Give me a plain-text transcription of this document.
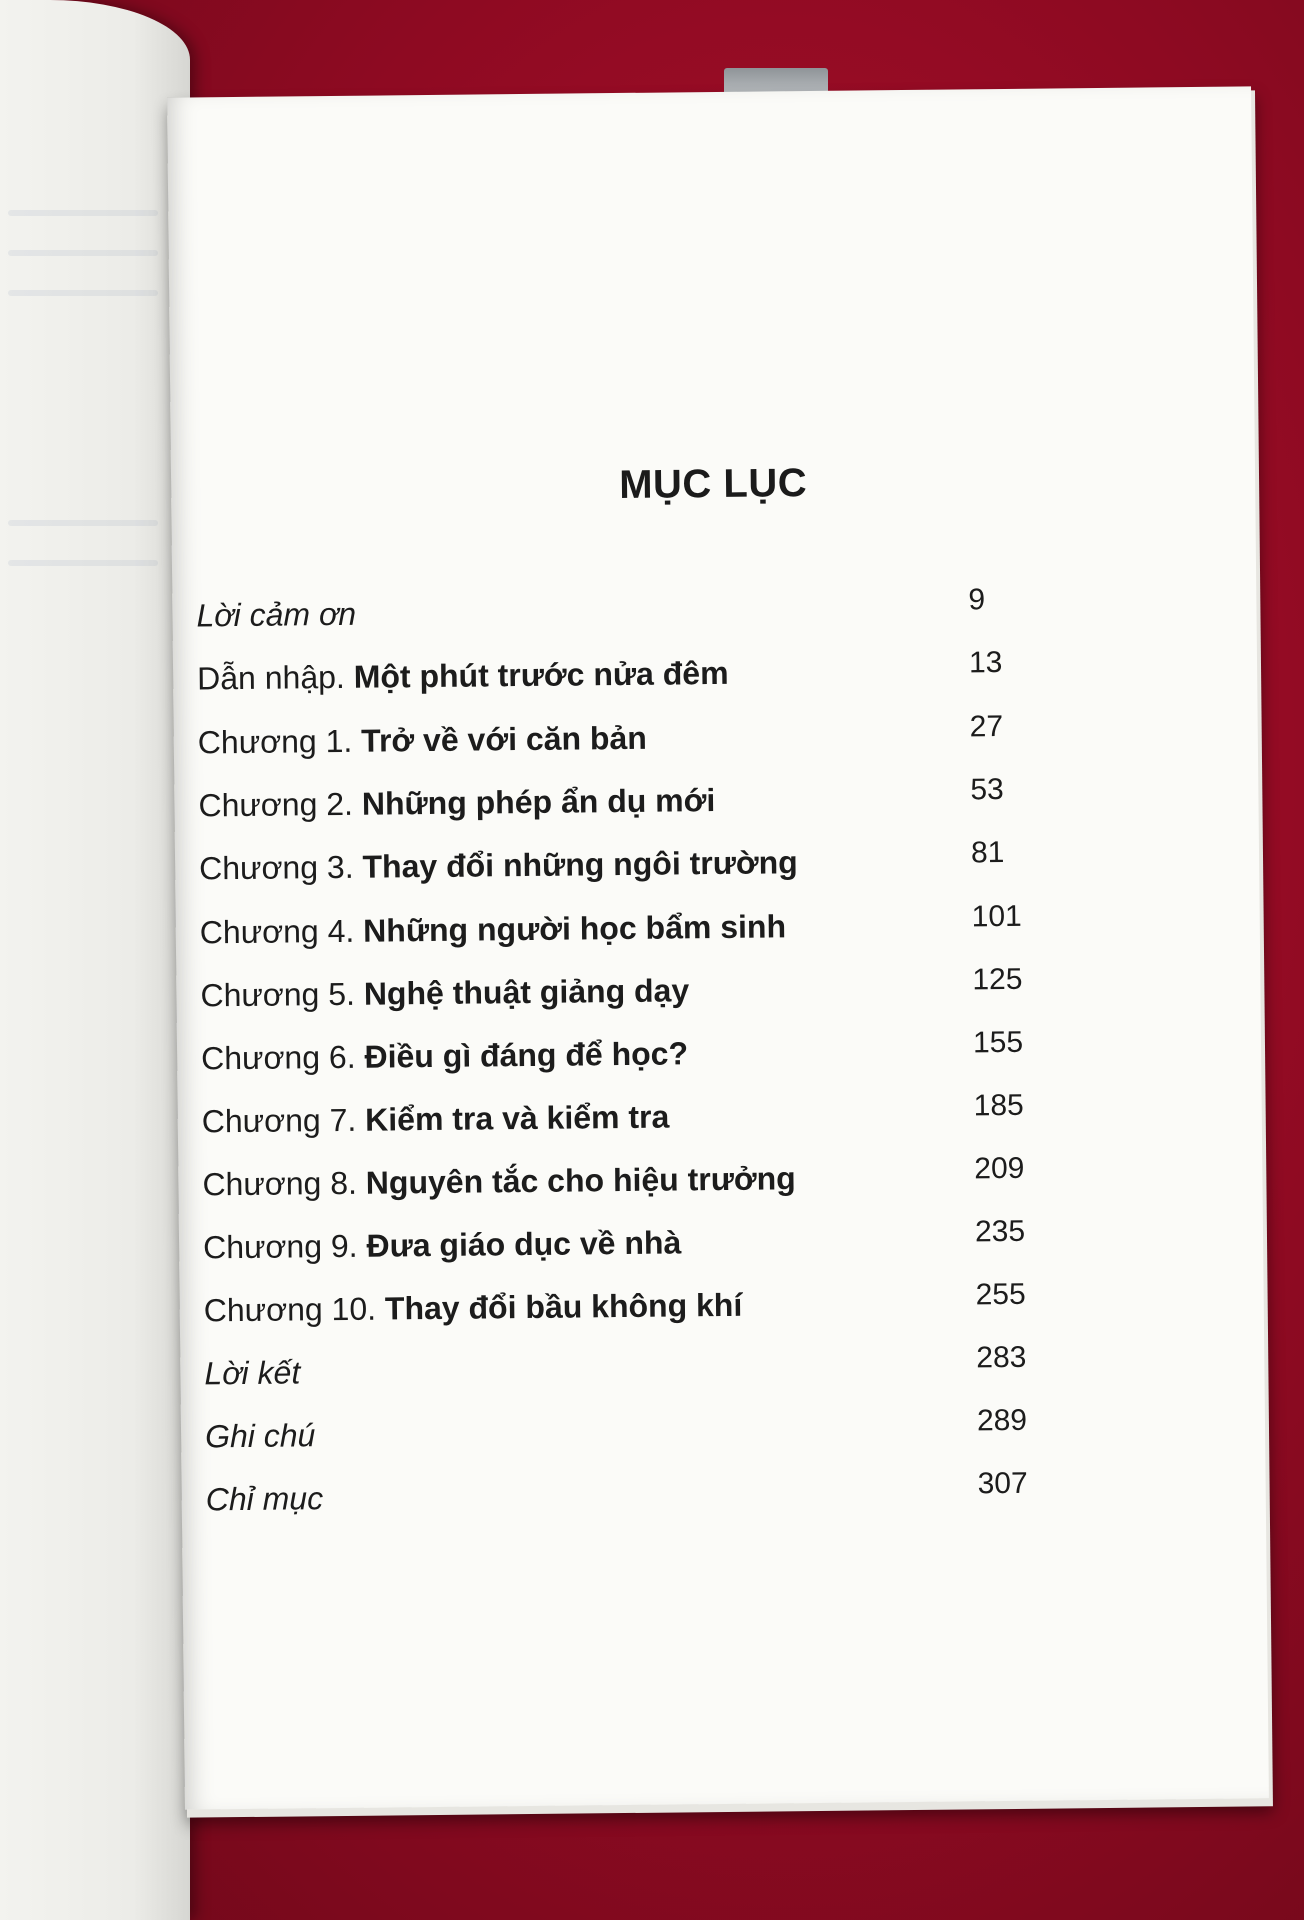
MỤC LỤC
Lời cảm ơn	9
Dẫn nhập. Một phút trước nửa đêm	13
Chương 1. Trở về với căn bản	27
Chương 2. Những phép ẩn dụ mới	53
Chương 3. Thay đổi những ngôi trường	81
Chương 4. Những người học bẩm sinh	101
Chương 5. Nghệ thuật giảng dạy	125
Chương 6. Điều gì đáng để học?	155
Chương 7. Kiểm tra và kiểm tra	185
Chương 8. Nguyên tắc cho hiệu trưởng	209
Chương 9. Đưa giáo dục về nhà	235
Chương 10. Thay đổi bầu không khí	255
Lời kết	283
Ghi chú	289
Chỉ mục	307
